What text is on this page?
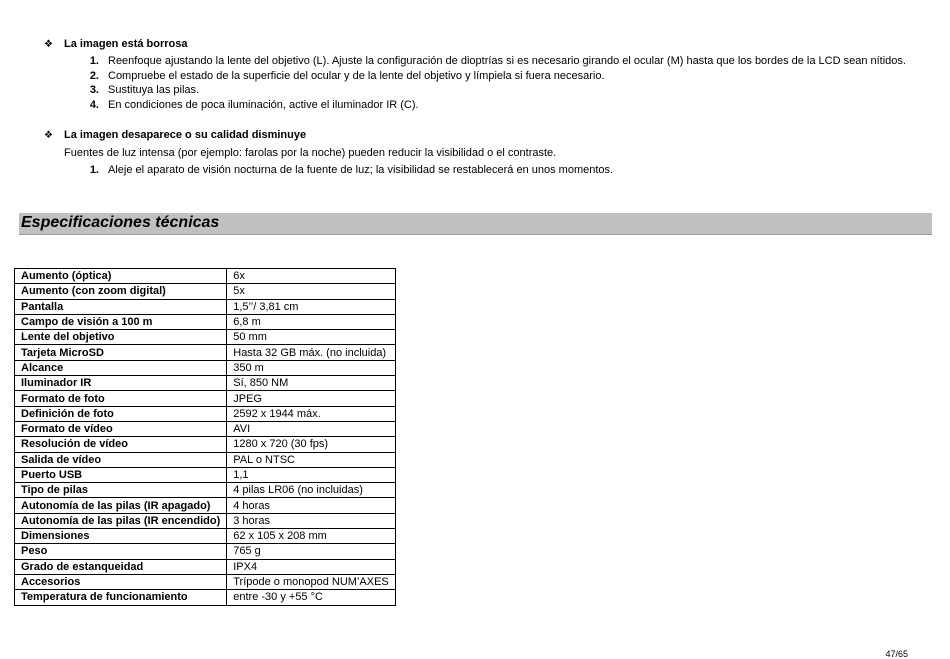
❖	La imagen está borrosa
1. Reenfoque ajustando la lente del objetivo (L). Ajuste la configuración de dioptrías si es necesario girando el ocular (M) hasta que los bordes de la LCD sean nítidos.
2. Compruebe el estado de la superficie del ocular y de la lente del objetivo y límpiela si fuera necesario.
3. Sustituya las pilas.
4. En condiciones de poca iluminación, active el iluminador IR (C).
❖	La imagen desaparece o su calidad disminuye
Fuentes de luz intensa (por ejemplo: farolas por la noche) pueden reducir la visibilidad o el contraste.
1. Aleje el aparato de visión nocturna de la fuente de luz; la visibilidad se restablecerá en unos momentos.
Especificaciones técnicas
Aumento (óptica)	6x
Aumento (con zoom digital)	5x
Pantalla	1,5’’/ 3,81 cm
Campo de visión a 100 m	6,8 m
Lente del objetivo	50 mm
Tarjeta MicroSD	Hasta 32 GB máx. (no incluida)
Alcance	350 m
Iluminador IR	Sí, 850 NM
Formato de foto	JPEG
Definición de foto	2592 x 1944 máx.
Formato de vídeo	AVI
Resolución de vídeo	1280 x 720 (30 fps)
Salida de vídeo	PAL o NTSC
Puerto USB	1,1
Tipo de pilas	4 pilas LR06 (no incluidas)
Autonomía de las pilas (IR apagado)	4 horas
Autonomía de las pilas (IR encendido)	3 horas
Dimensiones	62 x 105 x 208 mm
Peso	765 g
Grado de estanqueidad	IPX4
Accesorios	Trípode o monopod NUM’AXES
Temperatura de funcionamiento	entre -30 y +55 °C
47/65
